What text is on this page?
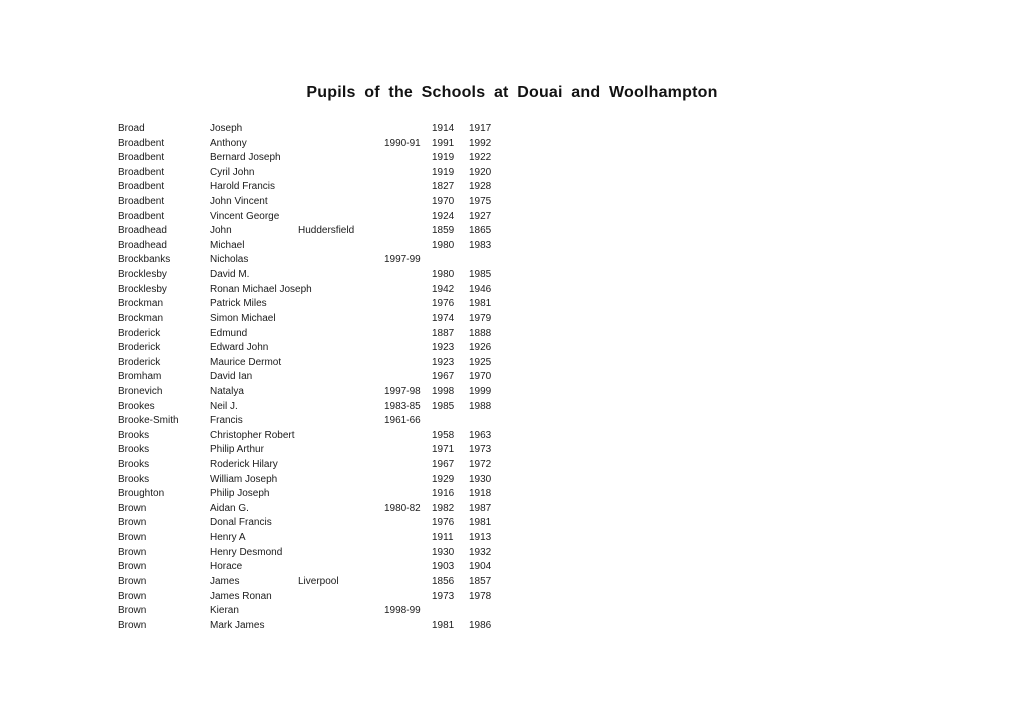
Pupils of the Schools at Douai and Woolhampton
Broad	Joseph	1914 1917
Broadbent	Anthony	1990-91 1991 1992
Broadbent	Bernard Joseph	1919 1922
Broadbent	Cyril John	1919 1920
Broadbent	Harold Francis	1827 1928
Broadbent	John Vincent	1970 1975
Broadbent	Vincent George	1924 1927
Broadhead	John	Huddersfield	1859 1865
Broadhead	Michael	1980 1983
Brockbanks	Nicholas	1997-99
Brocklesby	David M.	1980 1985
Brocklesby	Ronan Michael Joseph	1942 1946
Brockman	Patrick Miles	1976 1981
Brockman	Simon Michael	1974 1979
Broderick	Edmund	1887 1888
Broderick	Edward John	1923 1926
Broderick	Maurice Dermot	1923 1925
Bromham	David Ian	1967 1970
Bronevich	Natalya	1997-98 1998 1999
Brookes	Neil J.	1983-85 1985 1988
Brooke-Smith	Francis	1961-66
Brooks	Christopher Robert	1958 1963
Brooks	Philip Arthur	1971 1973
Brooks	Roderick Hilary	1967 1972
Brooks	William Joseph	1929 1930
Broughton	Philip Joseph	1916 1918
Brown	Aidan G.	1980-82 1982 1987
Brown	Donal Francis	1976 1981
Brown	Henry A	1911 1913
Brown	Henry Desmond	1930 1932
Brown	Horace	1903 1904
Brown	James	Liverpool	1856 1857
Brown	James Ronan	1973 1978
Brown	Kieran	1998-99
Brown	Mark James	1981 1986
